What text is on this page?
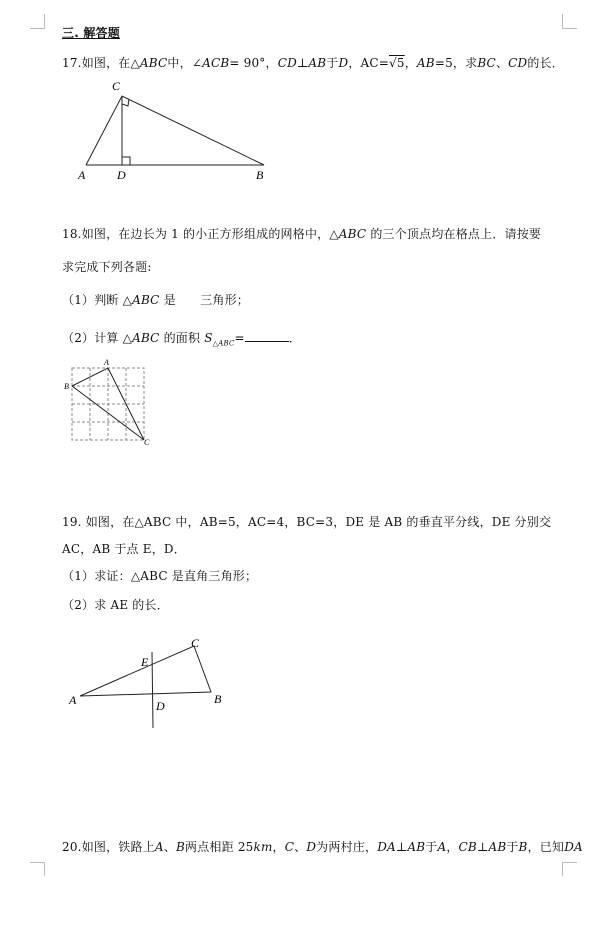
三. 解答题
17.如图，在△ABC中，∠ACB= 90°，CD⊥AB于D，AC=√5，AB=5，求BC、CD的长．
C
A	D	B
18.如图，在边长为 1 的小正方形组成的网格中，△ABC 的三个顶点均在格点上．请按要
求完成下列各题:
（1）判断 △ABC 是　　三角形；
（2）计算 △ABC 的面积 $S_{\triangle ABC}=$	．
A
B
C
19. 如图，在△ABC 中，AB=5，AC=4，BC=3，DE 是 AB 的垂直平分线，DE 分别交
AC，AB 于点 E，D．
（1）求证：△ABC 是直角三角形；
（2）求 AE 的长．
C
E
A	D	B
20.如图，铁路上A、B两点相距 25km，C、D为两村庄，DA⊥AB于A，CB⊥AB于B，已知DA
